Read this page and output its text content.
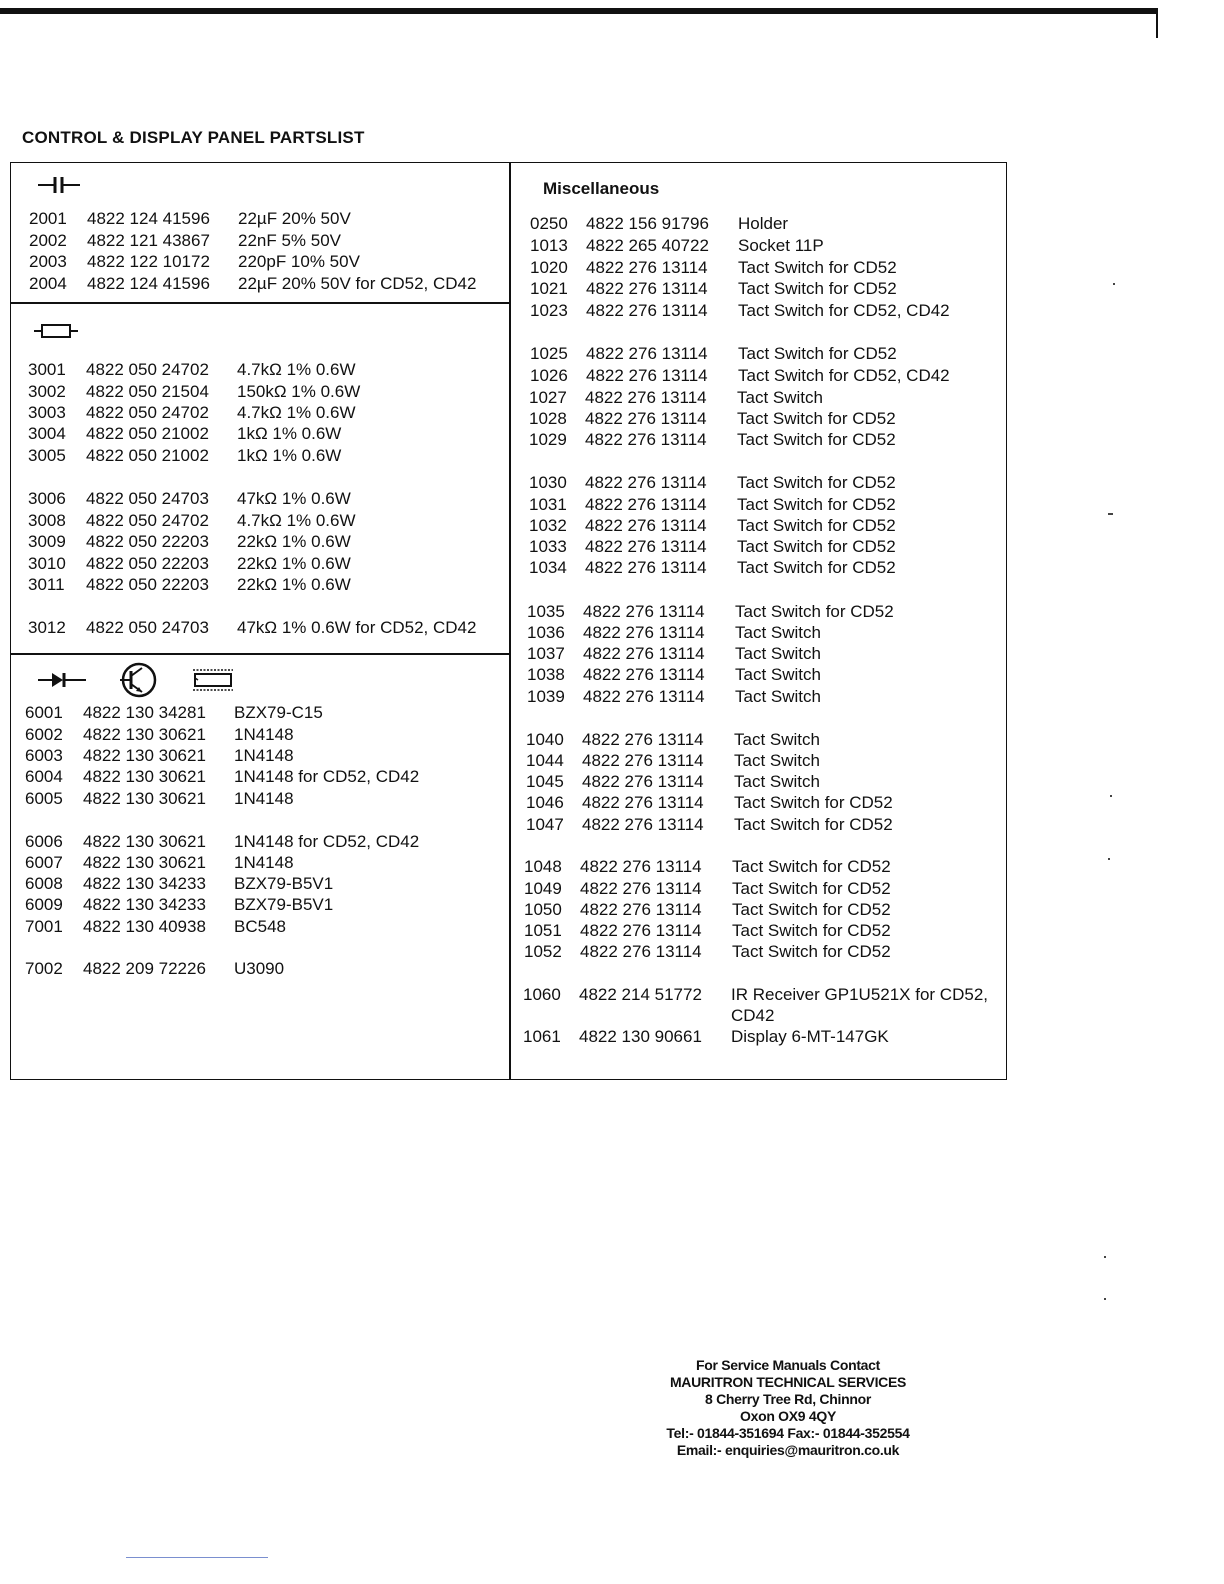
CONTROL & DISPLAY PANEL PARTSLIST
2001 4822 124 41596 22µF 20% 50V
2002 4822 121 43867 22nF 5% 50V
2003 4822 122 10172 220pF 10% 50V
2004 4822 124 41596 22µF 20% 50V for CD52, CD42
3001 4822 050 24702 4.7kΩ 1% 0.6W
3002 4822 050 21504 150kΩ 1% 0.6W
3003 4822 050 24702 4.7kΩ 1% 0.6W
3004 4822 050 21002 1kΩ 1% 0.6W
3005 4822 050 21002 1kΩ 1% 0.6W
3006 4822 050 24703 47kΩ 1% 0.6W
3008 4822 050 24702 4.7kΩ 1% 0.6W
3009 4822 050 22203 22kΩ 1% 0.6W
3010 4822 050 22203 22kΩ 1% 0.6W
3011 4822 050 22203 22kΩ 1% 0.6W
3012 4822 050 24703 47kΩ 1% 0.6W for CD52, CD42
6001 4822 130 34281 BZX79-C15
6002 4822 130 30621 1N4148
6003 4822 130 30621 1N4148
6004 4822 130 30621 1N4148 for CD52, CD42
6005 4822 130 30621 1N4148
6006 4822 130 30621 1N4148 for CD52, CD42
6007 4822 130 30621 1N4148
6008 4822 130 34233 BZX79-B5V1
6009 4822 130 34233 BZX79-B5V1
7001 4822 130 40938 BC548
7002 4822 209 72226 U3090
Miscellaneous
0250 4822 156 91796 Holder
1013 4822 265 40722 Socket 11P
1020 4822 276 13114 Tact Switch for CD52
1021 4822 276 13114 Tact Switch for CD52
1023 4822 276 13114 Tact Switch for CD52, CD42
1025 4822 276 13114 Tact Switch for CD52
1026 4822 276 13114 Tact Switch for CD52, CD42
1027 4822 276 13114 Tact Switch
1028 4822 276 13114 Tact Switch for CD52
1029 4822 276 13114 Tact Switch for CD52
1030 4822 276 13114 Tact Switch for CD52
1031 4822 276 13114 Tact Switch for CD52
1032 4822 276 13114 Tact Switch for CD52
1033 4822 276 13114 Tact Switch for CD52
1034 4822 276 13114 Tact Switch for CD52
1035 4822 276 13114 Tact Switch for CD52
1036 4822 276 13114 Tact Switch
1037 4822 276 13114 Tact Switch
1038 4822 276 13114 Tact Switch
1039 4822 276 13114 Tact Switch
1040 4822 276 13114 Tact Switch
1044 4822 276 13114 Tact Switch
1045 4822 276 13114 Tact Switch
1046 4822 276 13114 Tact Switch for CD52
1047 4822 276 13114 Tact Switch for CD52
1048 4822 276 13114 Tact Switch for CD52
1049 4822 276 13114 Tact Switch for CD52
1050 4822 276 13114 Tact Switch for CD52
1051 4822 276 13114 Tact Switch for CD52
1052 4822 276 13114 Tact Switch for CD52
1060 4822 214 51772 IR Receiver GP1U521X for CD52,
CD42
1061 4822 130 90661 Display 6-MT-147GK
For Service Manuals Contact
MAURITRON TECHNICAL SERVICES
8 Cherry Tree Rd, Chinnor
Oxon OX9 4QY
Tel:- 01844-351694 Fax:- 01844-352554
Email:- enquiries@mauritron.co.uk
